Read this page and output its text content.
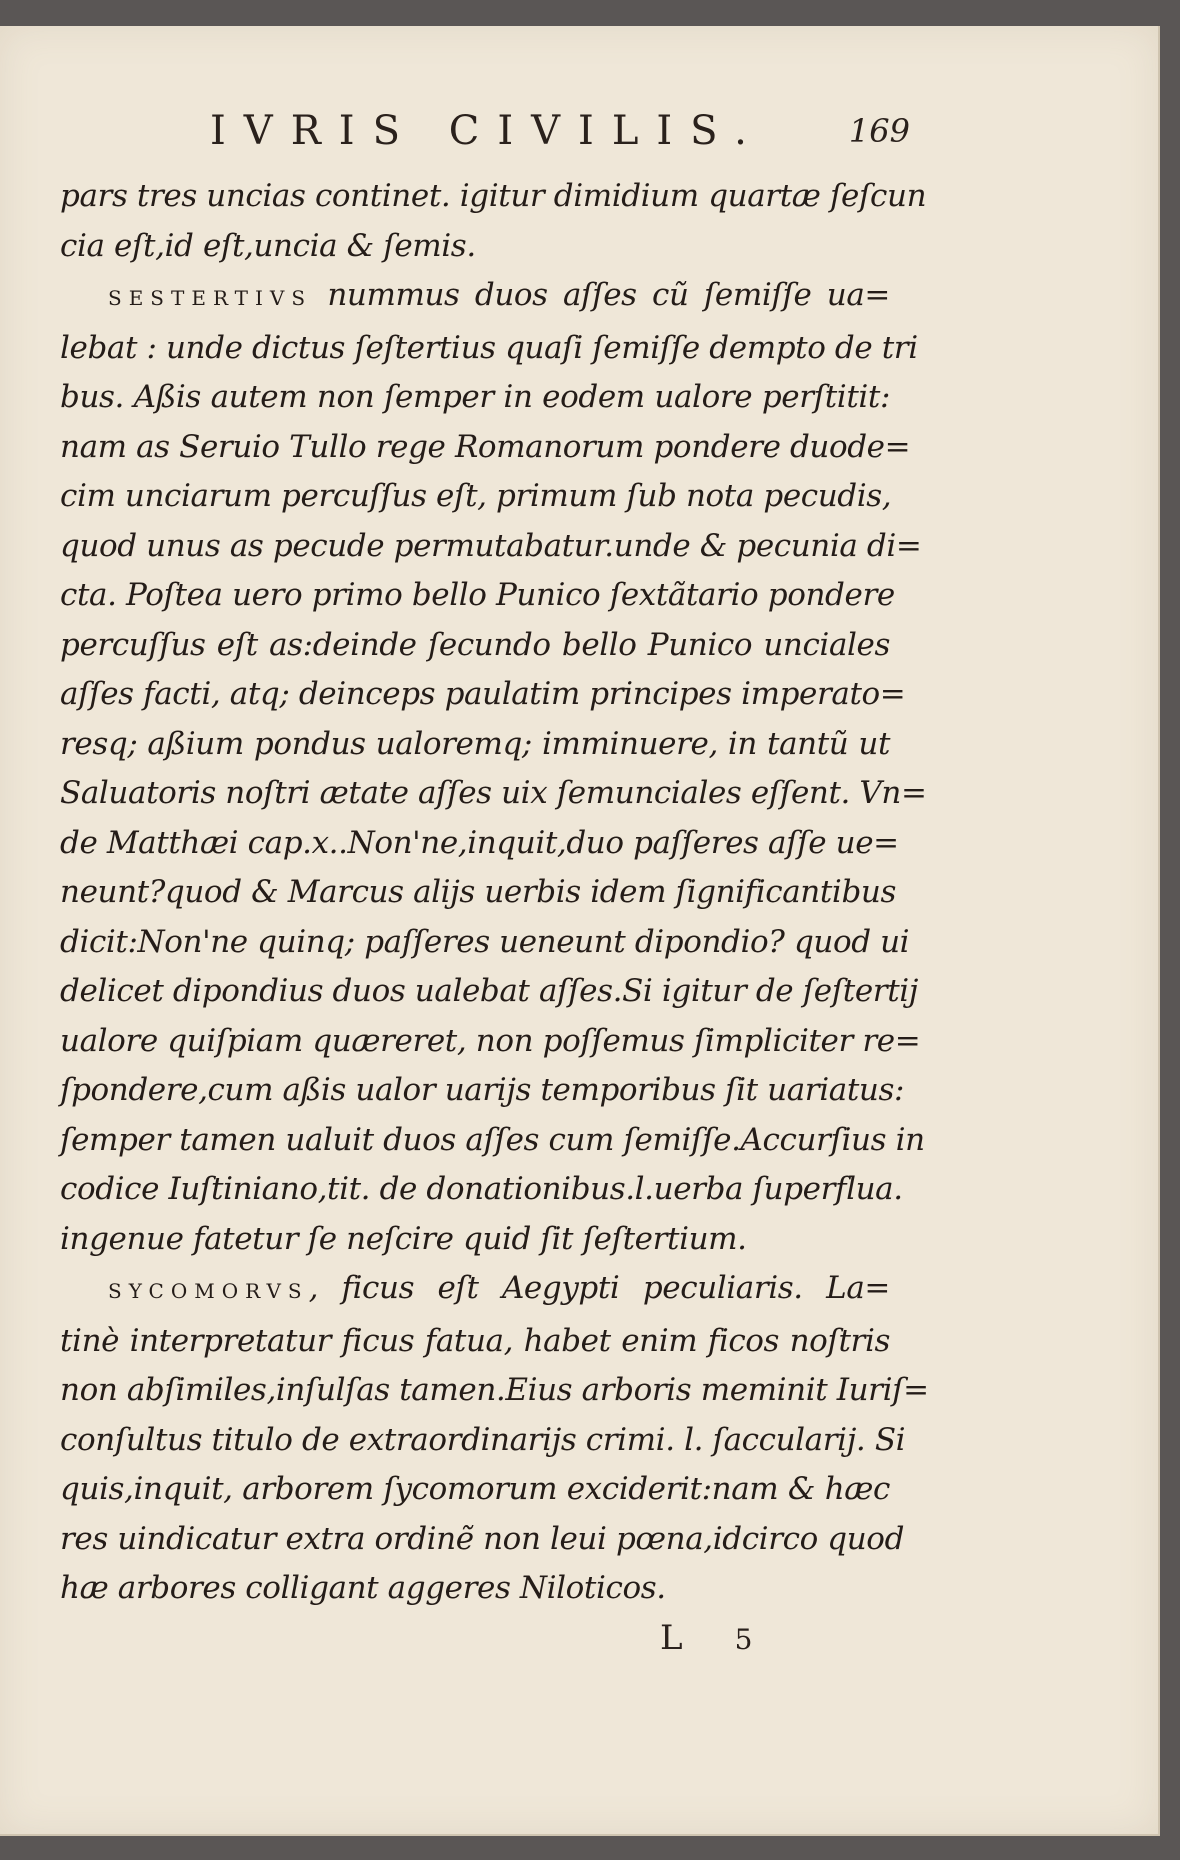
IVRIS CIVILIS.	169

pars tres uncias continet. igitur dimidium quartæ ſeſcun

cia eſt,id eſt,uncia & ſemis.

SESTERTIVS nummus duos aſſes cũ ſemiſſe ua=

lebat : unde dictus ſeſtertius quaſi ſemiſſe dempto de tri

bus. Aßis autem non ſemper in eodem ualore perſtitit:

nam as Seruio Tullo rege Romanorum pondere duode=

cim unciarum percuſſus eſt, primum ſub nota pecudis,

quod unus as pecude permutabatur.unde & pecunia di=

cta. Poſtea uero primo bello Punico ſextãtario pondere

percuſſus eſt as:deinde ſecundo bello Punico unciales

aſſes facti, atq; deinceps paulatim principes imperato=

resq; aßium pondus ualoremq; imminuere, in tantũ ut

Saluatoris noſtri ætate aſſes uix ſemunciales eſſent. Vn=

de Matthæi cap.x..Non'ne,inquit,duo paſſeres aſſe ue=

neunt?quod & Marcus alijs uerbis idem ſignificantibus

dicit:Non'ne quinq; paſſeres ueneunt dipondio? quod ui

delicet dipondius duos ualebat aſſes.Si igitur de ſeſtertij

ualore quiſpiam quæreret, non poſſemus ſimpliciter re=

ſpondere,cum aßis ualor uarijs temporibus ſit uariatus:

ſemper tamen ualuit duos aſſes cum ſemiſſe.Accurſius in

codice Iuſtiniano,tit. de donationibus.l.uerba ſuperflua.

ingenue fatetur ſe neſcire quid ſit ſeſtertium.

SYCOMORVS, ficus eſt Aegypti peculiaris. La=

tinè interpretatur ficus fatua, habet enim ficos noſtris

non abſimiles,inſulſas tamen.Eius arboris meminit Iuriſ=

conſultus titulo de extraordinarijs crimi. l. ſaccularij. Si

quis,inquit, arborem ſycomorum exciderit:nam & hæc

res uindicatur extra ordinẽ non leui pœna,idcirco quod

hæ arbores colligant aggeres Niloticos.

L 5
